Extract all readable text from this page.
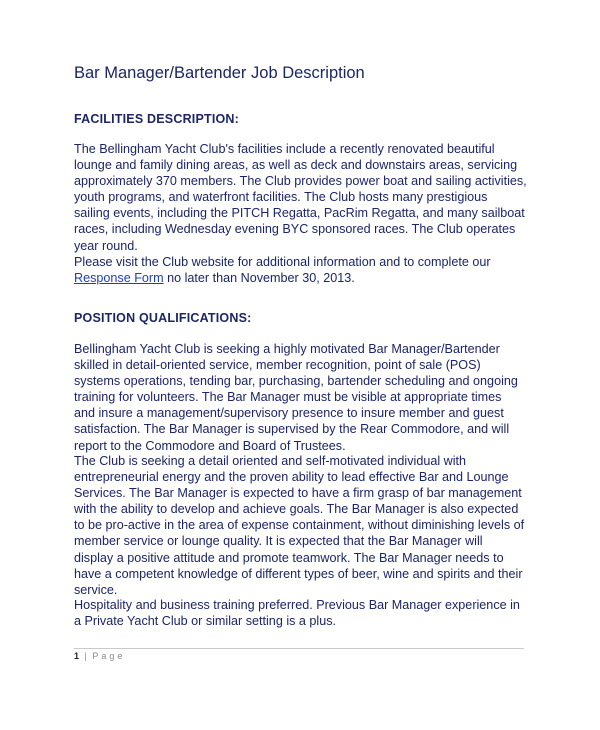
Bar Manager/Bartender Job Description
FACILITIES DESCRIPTION:
The Bellingham Yacht Club's facilities include a recently renovated beautiful
lounge and family dining areas, as well as deck and downstairs areas, servicing
approximately 370 members. The Club provides power boat and sailing activities,
youth programs, and waterfront facilities. The Club hosts many prestigious
sailing events, including the PITCH Regatta, PacRim Regatta, and many sailboat
races, including Wednesday evening BYC sponsored races. The Club operates
year round.
Please visit the Club website for additional information and to complete our
Response Form no later than November 30, 2013.
POSITION QUALIFICATIONS:
Bellingham Yacht Club is seeking a highly motivated Bar Manager/Bartender
skilled in detail-oriented service, member recognition, point of sale (POS)
systems operations, tending bar, purchasing, bartender scheduling and ongoing
training for volunteers. The Bar Manager must be visible at appropriate times
and insure a management/supervisory presence to insure member and guest
satisfaction. The Bar Manager is supervised by the Rear Commodore, and will
report to the Commodore and Board of Trustees.
The Club is seeking a detail oriented and self-motivated individual with
entrepreneurial energy and the proven ability to lead effective Bar and Lounge
Services. The Bar Manager is expected to have a firm grasp of bar management
with the ability to develop and achieve goals. The Bar Manager is also expected
to be pro-active in the area of expense containment, without diminishing levels of
member service or lounge quality. It is expected that the Bar Manager will
display a positive attitude and promote teamwork. The Bar Manager needs to
have a competent knowledge of different types of beer, wine and spirits and their
service.
Hospitality and business training preferred. Previous Bar Manager experience in
a Private Yacht Club or similar setting is a plus.
1 | Page
